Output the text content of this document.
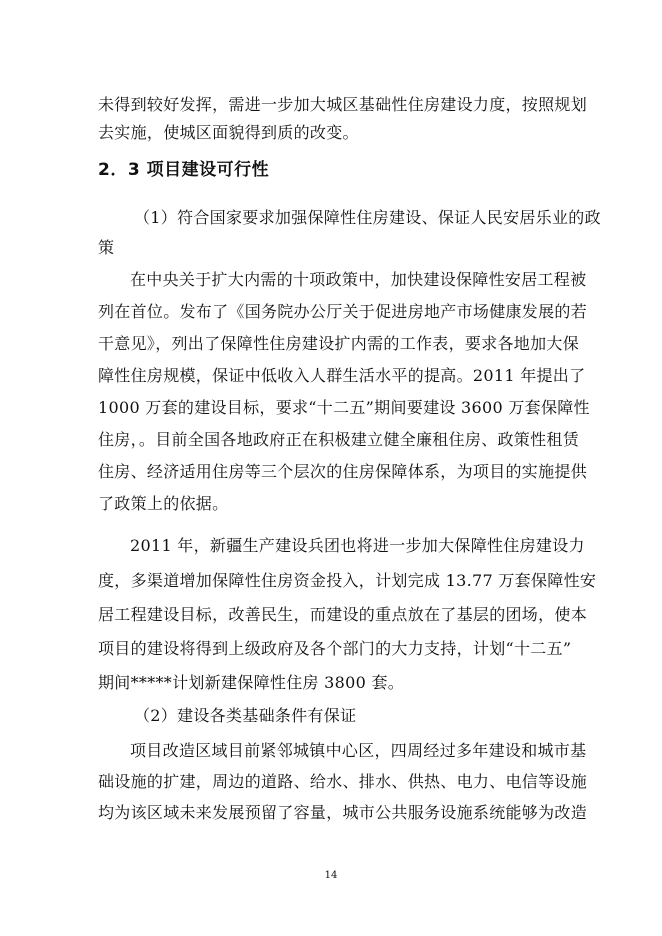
未得到较好发挥，需进一步加大城区基础性住房建设力度，按照规划
去实施，使城区面貌得到质的改变。
2．3 项目建设可行性
（1）符合国家要求加强保障性住房建设、保证人民安居乐业的政
策
在中央关于扩大内需的十项政策中，加快建设保障性安居工程被
列在首位。发布了《国务院办公厅关于促进房地产市场健康发展的若
干意见》，列出了保障性住房建设扩内需的工作表，要求各地加大保
障性住房规模，保证中低收入人群生活水平的提高。2011 年提出了
1000 万套的建设目标，要求“十二五”期间要建设 3600 万套保障性
住房，。目前全国各地政府正在积极建立健全廉租住房、政策性租赁
住房、经济适用住房等三个层次的住房保障体系，为项目的实施提供
了政策上的依据。
2011 年，新疆生产建设兵团也将进一步加大保障性住房建设力
度，多渠道增加保障性住房资金投入，计划完成 13.77 万套保障性安
居工程建设目标，改善民生，而建设的重点放在了基层的团场，使本
项目的建设将得到上级政府及各个部门的大力支持，计划“十二五”
期间*****计划新建保障性住房 3800 套。
（2）建设各类基础条件有保证
项目改造区域目前紧邻城镇中心区，四周经过多年建设和城市基
础设施的扩建，周边的道路、给水、排水、供热、电力、电信等设施
均为该区域未来发展预留了容量，城市公共服务设施系统能够为改造
14
